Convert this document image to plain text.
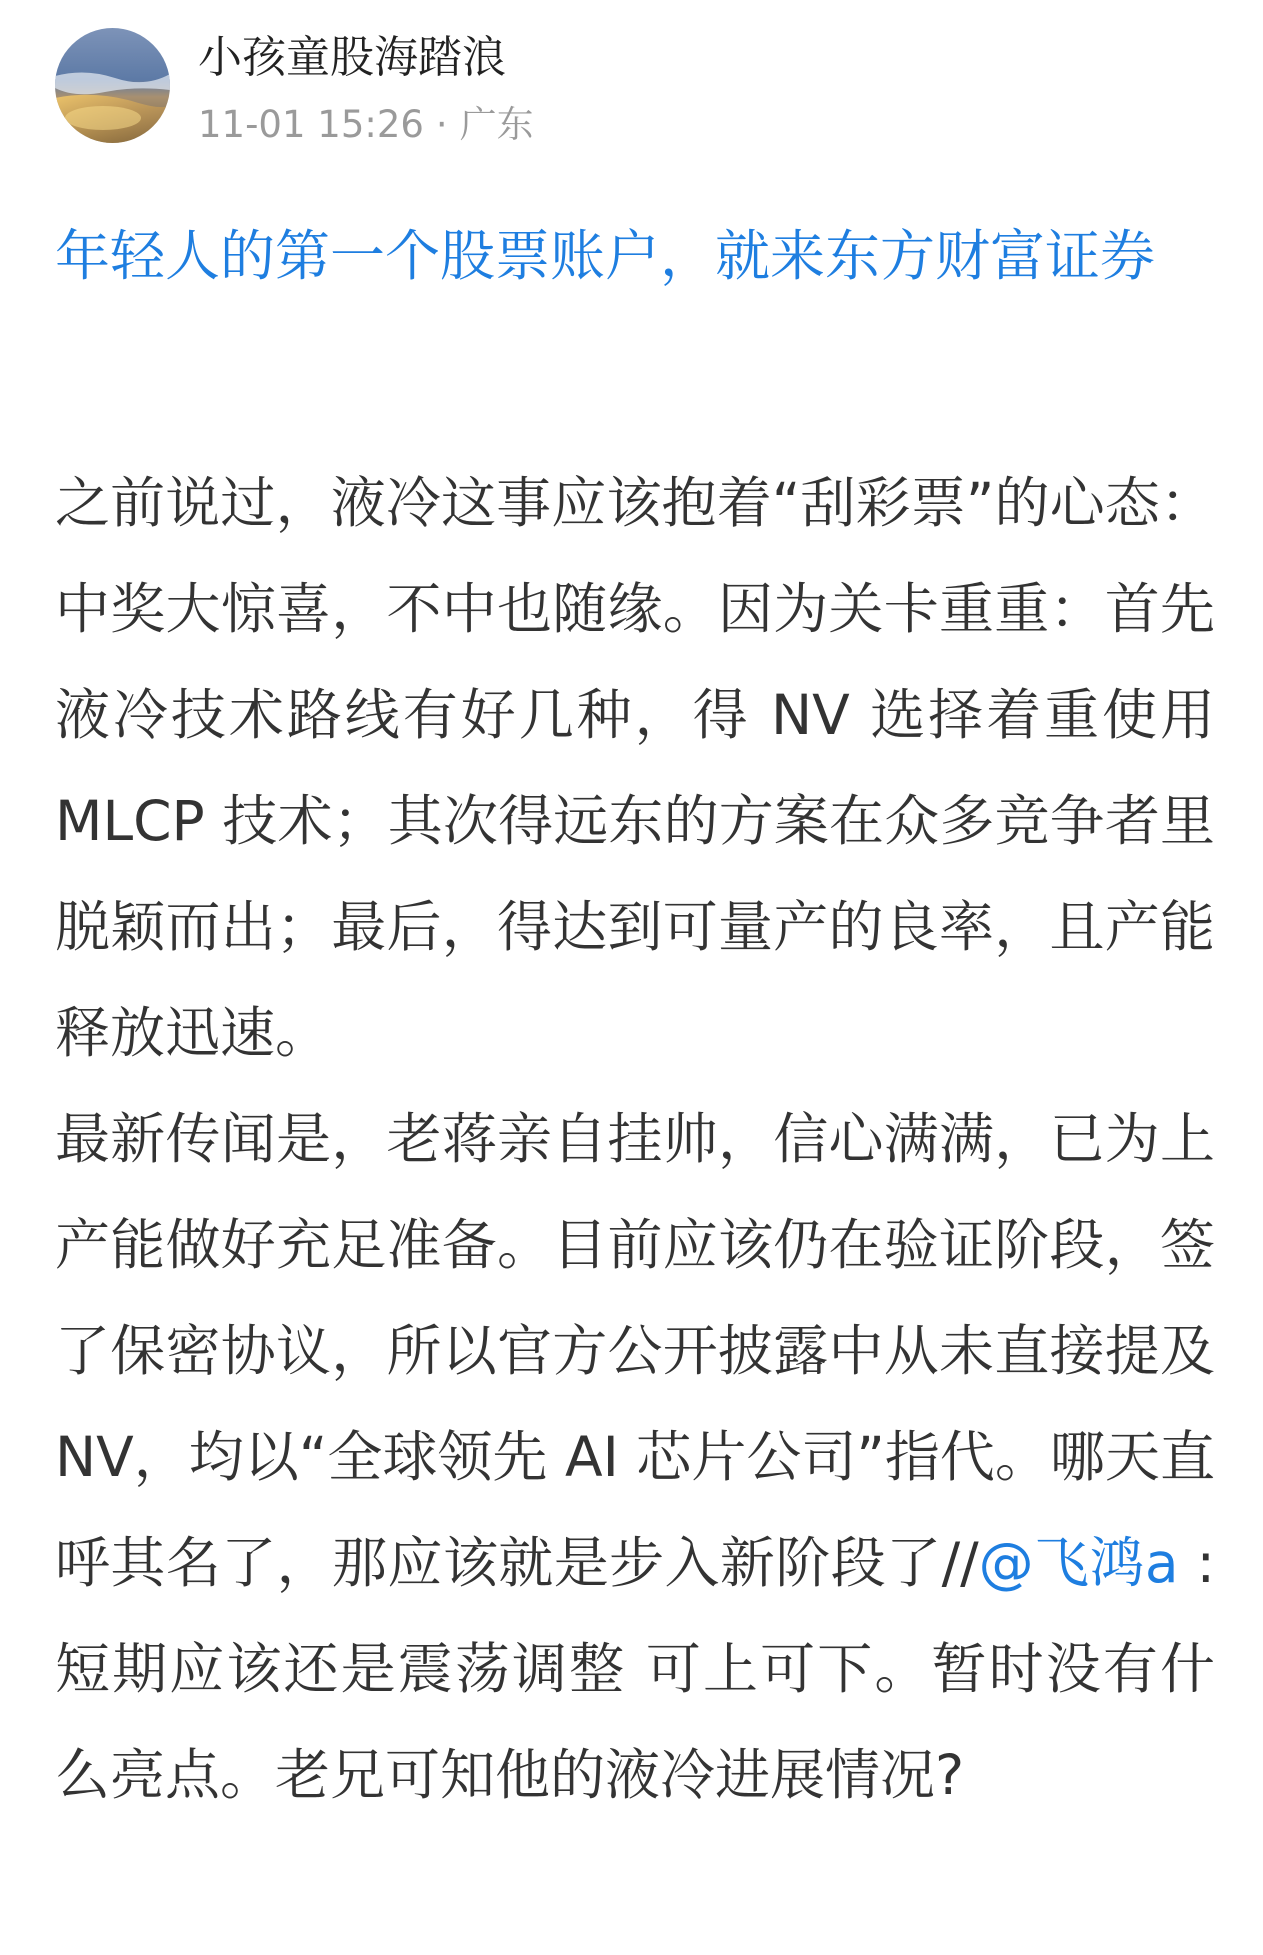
小孩童股海踏浪
11-01 15:26 · 广东
年轻人的第一个股票账户，就来东方财富证券

之前说过，液冷这事应该抱着“刮彩票”的心态：中奖大惊喜，不中也随缘。因为关卡重重：首先液冷技术路线有好几种，得 NV 选择着重使用 MLCP 技术；其次得远东的方案在众多竞争者里脱颖而出；最后，得达到可量产的良率，且产能释放迅速。

最新传闻是，老蒋亲自挂帅，信心满满，已为上产能做好充足准备。目前应该仍在验证阶段，签了保密协议，所以官方公开披露中从未直接提及 NV，均以“全球领先 AI 芯片公司”指代。哪天直呼其名了，那应该就是步入新阶段了//@飞鸿a :短期应该还是震荡调整 可上可下。暂时没有什么亮点。老兄可知他的液冷进展情况?
